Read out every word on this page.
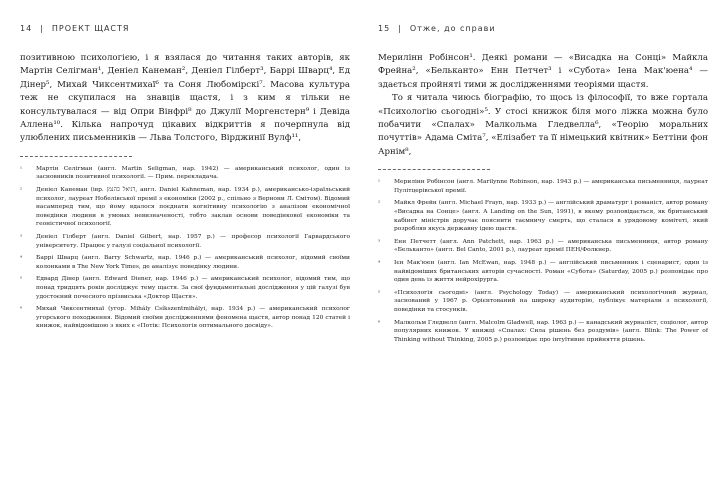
14 | ПРОЕКТ ЩАСТЯ

позитивною психологією, і я взялася до читання таких авторів, як Мартін Селігман¹, Деніел Канеман², Деніел Гілберт³, Баррі Шварц⁴, Ед Дінер⁵, Михай Чиксентмихаї⁶ та Соня Любомірскі⁷. Масова культура теж не скупилася на знавців щастя, і з ким я тільки не консультувалася — від Опри Вінфрі⁸ до Джулії Моргенстерн⁹ і Девіда Аллена¹⁰. Кілька напрочуд цікавих відкриттів я почерпнула від улюблених письменників — Льва Толстого, Вірджинії Вулф¹¹,

¹	Мартін Селігман (англ. Martin Seligman, нар. 1942) — американський психолог, один із засновників позитивної психології. — Прим. перекладача.
²	Деніел Канеман (івр. ‏דניאל כהנמן‎, англ. Daniel Kahneman, нар. 1934 р.), американсько-ізраїльський психолог, лауреат Нобелівської премії з економіки (2002 р., спільно з Вернони Л. Смітом). Відомий насамперед тим, що йому вдалося поєднати когнітивну психологію з аналізом економічної поведінки людини в умовах невизначеності, тобто заклав основи поведінкової економіки та геоністичної психології.
³	Деніел Гілберт (англ. Daniel Gilbert, нар. 1957 р.) — професор психології Гарвардського університету. Працює у галузі соціальної психології.
⁴	Баррі Шварц (англ. Barry Schwartz, нар. 1946 р.) — американський психолог, відомий своїми колонками в The New York Times, де аналізує поведінку людини.
⁵	Едвард Дінер (англ. Edward Diener, нар. 1946 р.) — американський психолог, відомий тим, що понад тридцять років досліджує тему щастя. За свої фундаментальні дослідження у цій галузі був удостоєний почесного прізвиська «Доктор Щастя».
⁶	Михай Чиксентмихаї (угор. Mihály Csíkszentmihályi, нар. 1934 р.) — американський психолог угорського походження. Відомий своїми дослідженнями феномена щастя, автор понад 120 статей і книжок, найвідомішою з яких є «Потік: Психологія оптимального досвіду».
15 | Отже, до справи

Мерилінн Робінсон¹. Деякі романи — «Висадка на Сонці» Майкла Фрейна², «Бельканто» Енн Петчет³ і «Субота» Іена Мак'юена⁴ — здається пройняті тими ж дослідженнями теоріями щастя.

То я читала чиюсь біографію, то щось із філософії, то вже гортала «Психологію сьогодні»⁵. У стосі книжок біля мого ліжка можна було побачити «Спалах» Малкольма Гледвелла⁶, «Теорію моральних почуттів» Адама Сміта⁷, «Елізабет та її німецький квітник» Беттіни фон Арнім⁸,

¹	Мерилінн Робінсон (англ. Marilynne Robinson, нар. 1943 р.) — американська письменниця, лауреат Пулітцерівської премії.
²	Майкл Фрейн (англ. Michael Frayn, нар. 1933 р.) — англійський драматург і романіст, автор роману «Висадка на Сонце» (англ. A Landing on the Sun, 1991), в якому розповідається, як британський кабінет міністрів доручає пояснити таємничу смерть, що сталася в урядовому комітеті, який розробляв якусь державну ідею щастя.
³	Енн Петчетт (англ. Ann Patchett, нар. 1963 р.) — американська письменниця, автор роману «Бельканто» (англ. Bel Canto, 2001 р.), лауреат премії ПЕН/Фолкнер.
⁴	Ієн Мак'юен (англ. Ian McEwan, нар. 1948 р.) — англійський письменник і сценарист, один із найвідоміших британських авторів сучасності. Роман «Субота» (Saturday, 2005 р.) розповідає про один день із життя нейрохірурга.
⁵	«Психологія сьогодні» (англ. Psychology Today) — американський психологічний журнал, заснований у 1967 р. Орієнтований на широку аудиторію, публікує матеріали з психології, поведінки та стосунків.
⁶	Малкольм Гледвелл (англ. Malcolm Gladwell, нар. 1963 р.) — канадський журналіст, соціолог, автор популярних книжок. У книжці «Спалах: Сила рішень без роздумів» (англ. Blink: The Power of Thinking without Thinking, 2005 р.) розповідає про інтуїтивне прийняття рішень.
